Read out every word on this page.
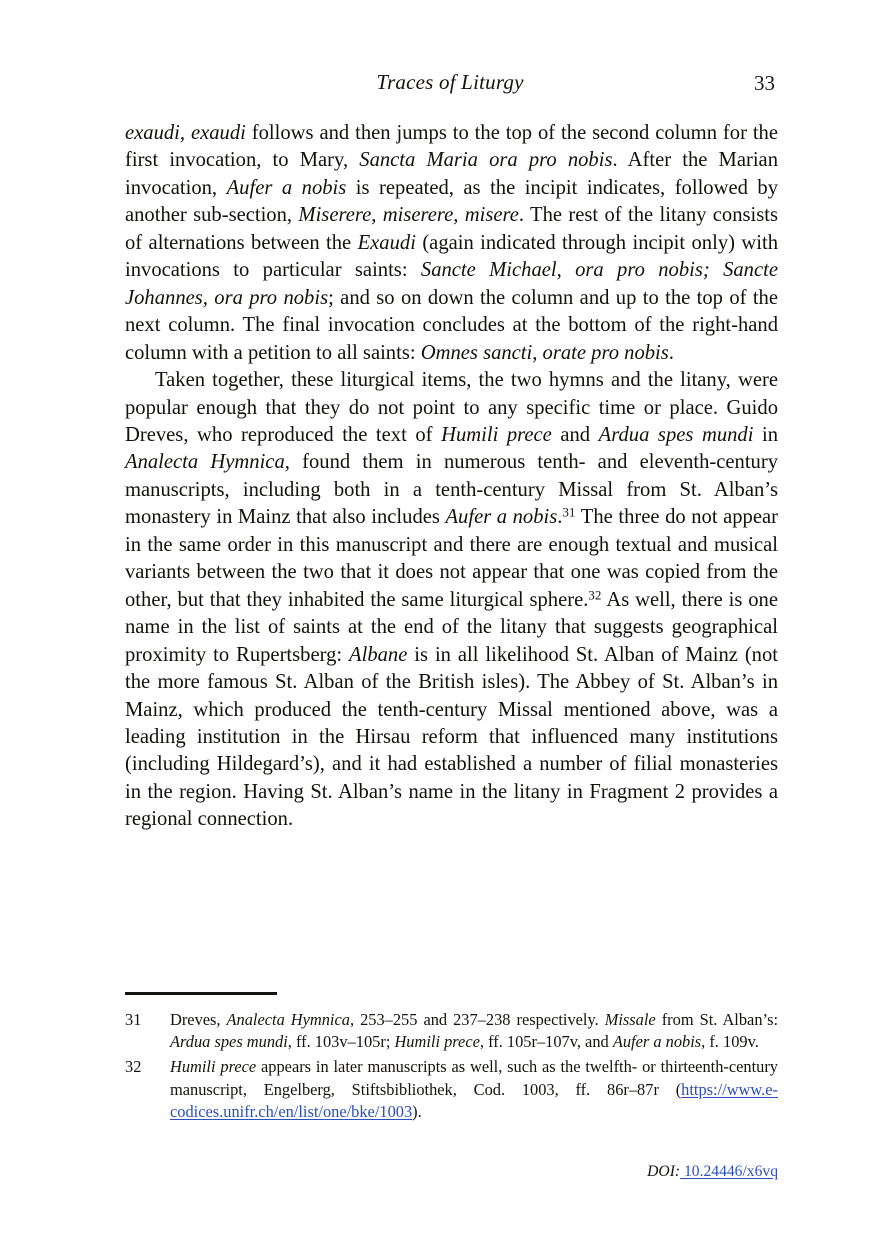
Traces of Liturgy	33

exaudi, exaudi follows and then jumps to the top of the second column for the first invocation, to Mary, Sancta Maria ora pro nobis. After the Marian invocation, Aufer a nobis is repeated, as the incipit indicates, followed by another sub-section, Miserere, miserere, misere. The rest of the litany consists of alternations between the Exaudi (again indicated through incipit only) with invocations to particular saints: Sancte Michael, ora pro nobis; Sancte Johannes, ora pro nobis; and so on down the column and up to the top of the next column. The final invocation concludes at the bottom of the right-hand column with a petition to all saints: Omnes sancti, orate pro nobis.

Taken together, these liturgical items, the two hymns and the litany, were popular enough that they do not point to any specific time or place. Guido Dreves, who reproduced the text of Humili prece and Ardua spes mundi in Analecta Hymnica, found them in numerous tenth- and eleventh-century manuscripts, including both in a tenth-century Missal from St. Alban’s monastery in Mainz that also includes Aufer a nobis.$^{31}$ The three do not appear in the same order in this manuscript and there are enough textual and musical variants between the two that it does not appear that one was copied from the other, but that they inhabited the same liturgical sphere.$^{32}$ As well, there is one name in the list of saints at the end of the litany that suggests geographical proximity to Rupertsberg: Albane is in all likelihood St. Alban of Mainz (not the more famous St. Alban of the British isles). The Abbey of St. Alban’s in Mainz, which produced the tenth-century Missal mentioned above, was a leading institution in the Hirsau reform that influenced many institutions (including Hildegard’s), and it had established a number of filial monasteries in the region. Having St. Alban’s name in the litany in Fragment 2 provides a regional connection.

31	Dreves, Analecta Hymnica, 253–255 and 237–238 respectively. Missale from St. Alban’s: Ardua spes mundi, ff. 103v–105r; Humili prece, ff. 105r–107v, and Aufer a nobis, f. 109v.
32	Humili prece appears in later manuscripts as well, such as the twelfth- or thirteenth-century manuscript, Engelberg, Stiftsbibliothek, Cod. 1003, ff. 86r–87r (https://www.e-codices.unifr.ch/en/list/one/bke/1003).
DOI: 10.24446/x6vq
